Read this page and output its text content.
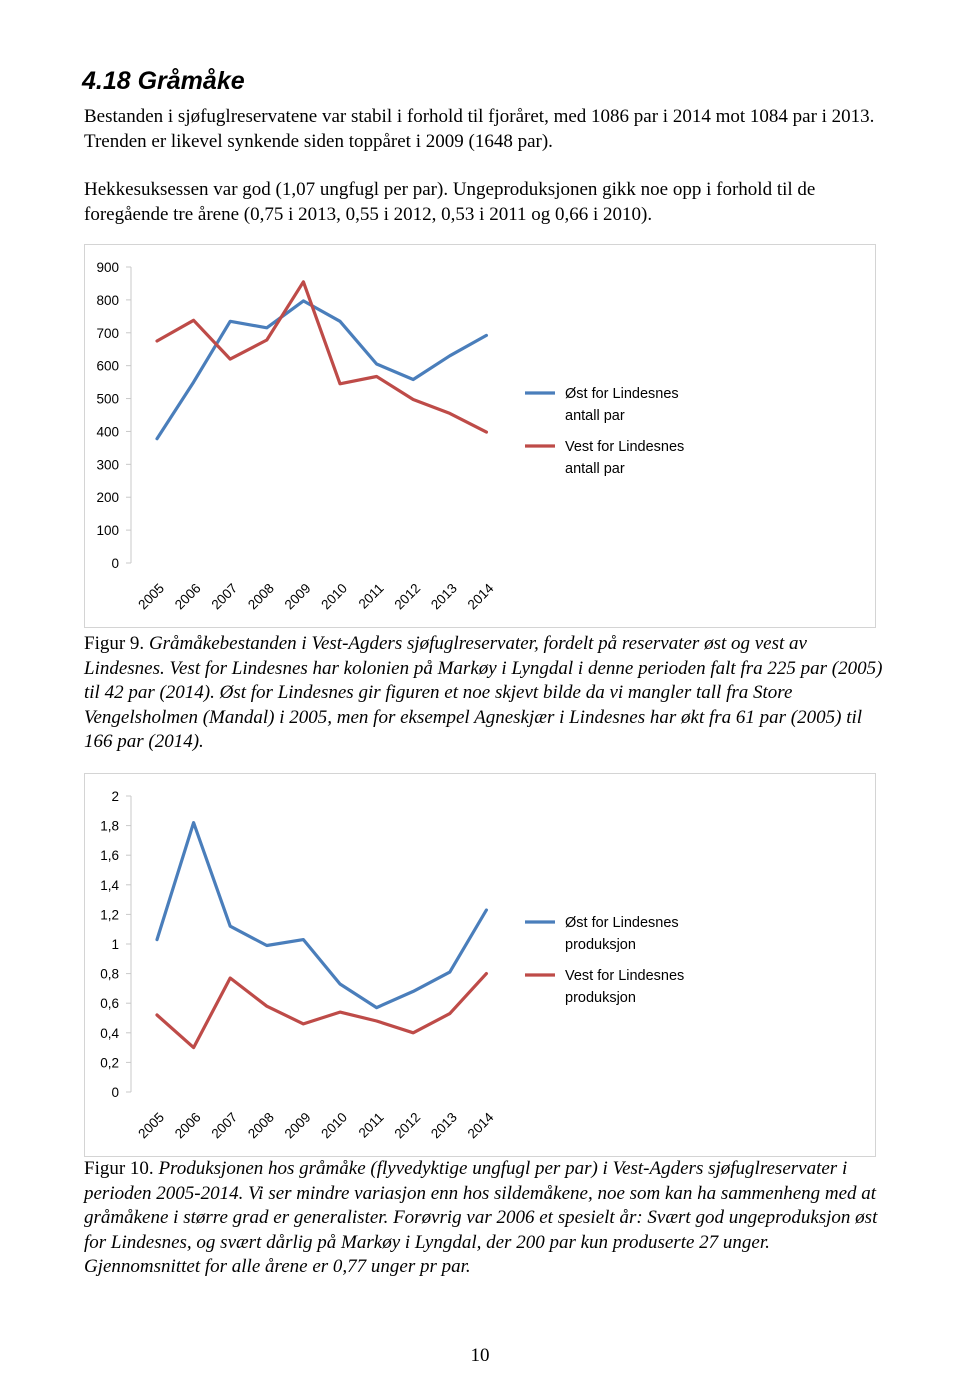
4.18 Gråmåke

Bestanden i sjøfuglreservatene var stabil i forhold til fjoråret, med 1086 par i 2014 mot 1084 par i 2013. Trenden er likevel synkende siden toppåret i 2009 (1648 par).

Hekkesuksessen var god (1,07 ungfugl per par). Ungeproduksjonen gikk noe opp i forhold til de foregående tre årene (0,75 i 2013, 0,55 i 2012, 0,53 i 2011 og 0,66 i 2010).

0
100
200
300
400
500
600
700
800
900
2005 2006 2007 2008 2009 2010 2011 2012 2013 2014
Øst for Lindesnes
antall par
Vest for Lindesnes
antall par

Figur 9. Gråmåkebestanden i Vest-Agders sjøfuglreservater, fordelt på reservater øst og vest av Lindesnes. Vest for Lindesnes har kolonien på Markøy i Lyngdal i denne perioden falt fra 225 par (2005) til 42 par (2014). Øst for Lindesnes gir figuren et noe skjevt bilde da vi mangler tall fra Store Vengelsholmen (Mandal) i 2005, men for eksempel Agneskjær i Lindesnes har økt fra 61 par (2005) til 166 par (2014).

0
0,2
0,4
0,6
0,8
1
1,2
1,4
1,6
1,8
2
2005 2006 2007 2008 2009 2010 2011 2012 2013 2014
Øst for Lindesnes
produksjon
Vest for Lindesnes
produksjon

Figur 10. Produksjonen hos gråmåke (flyvedyktige ungfugl per par) i Vest-Agders sjøfuglreservater i perioden 2005-2014. Vi ser mindre variasjon enn hos sildemåkene, noe som kan ha sammenheng med at gråmåkene i større grad er generalister. Forøvrig var 2006 et spesielt år: Svært god ungeproduksjon øst for Lindesnes, og svært dårlig på Markøy i Lyngdal, der 200 par kun produserte 27 unger. Gjennomsnittet for alle årene er 0,77 unger pr par.

10
